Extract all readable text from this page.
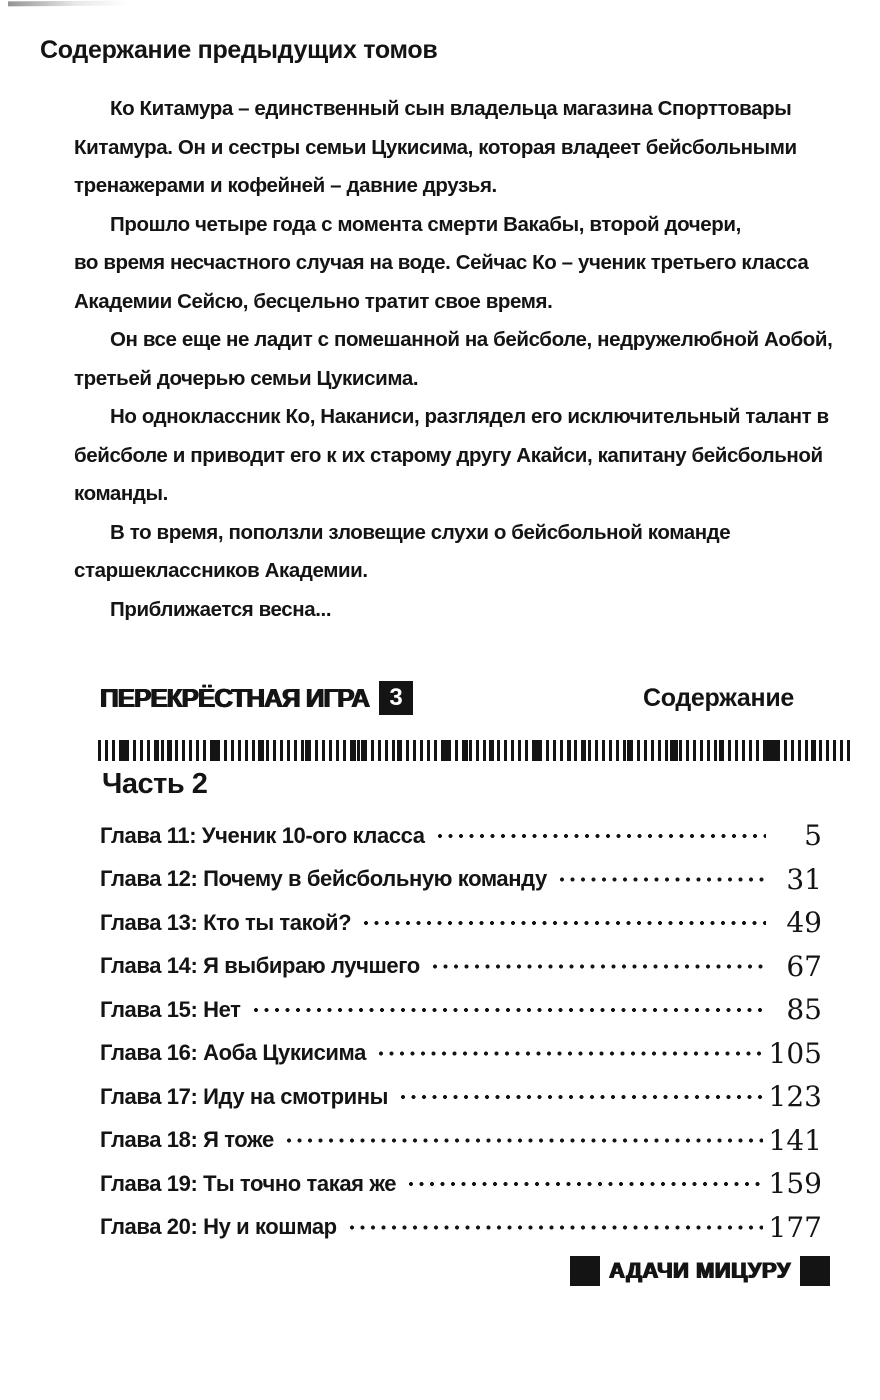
Содержание предыдущих томов

Ко Китамура – единственный сын владельца магазина Спорттовары
Китамура. Он и сестры семьи Цукисима, которая владеет бейсбольными
тренажерами и кофейней – давние друзья.

Прошло четыре года с момента смерти Вакабы, второй дочери,
во время несчастного случая на воде. Сейчас Ко – ученик третьего класса
Академии Сейсю, бесцельно тратит свое время.

Он все еще не ладит с помешанной на бейсболе, недружелюбной Аобой,
третьей дочерью семьи Цукисима.

Но одноклассник Ко, Наканиси, разглядел его исключительный талант в
бейсболе и приводит его к их старому другу Акайси, капитану бейсбольной
команды.

В то время, поползли зловещие слухи о бейсбольной команде
старшеклассников Академии.

Приближается весна...

ПЕРЕКРЁСТНАЯ ИГРА 3	Содержание
Часть 2
Глава 11: Ученик 10-ого класса	5
Глава 12: Почему в бейсбольную команду	31
Глава 13: Кто ты такой?	49
Глава 14: Я выбираю лучшего	67
Глава 15: Нет	85
Глава 16: Аоба Цукисима	105
Глава 17: Иду на смотрины	123
Глава 18: Я тоже	141
Глава 19: Ты точно такая же	159
Глава 20: Ну и кошмар	177
АДАЧИ МИЦУРУ
